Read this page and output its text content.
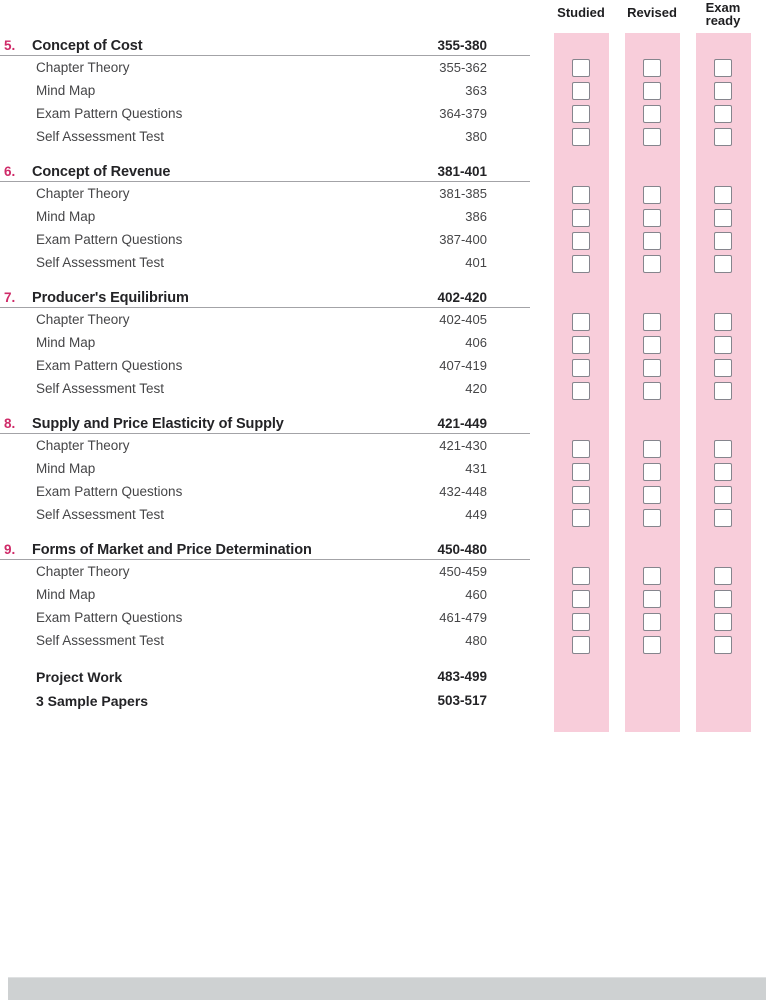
5.	Concept of Cost	355-380
Chapter Theory	355-362
Mind Map	363
Exam Pattern Questions	364-379
Self Assessment Test	380
6.	Concept of Revenue	381-401
Chapter Theory	381-385
Mind Map	386
Exam Pattern Questions	387-400
Self Assessment Test	401
7.	Producer's Equilibrium	402-420
Chapter Theory	402-405
Mind Map	406
Exam Pattern Questions	407-419
Self Assessment Test	420
8.	Supply and Price Elasticity of Supply	421-449
Chapter Theory	421-430
Mind Map	431
Exam Pattern Questions	432-448
Self Assessment Test	449
9.	Forms of Market and Price Determination	450-480
Chapter Theory	450-459
Mind Map	460
Exam Pattern Questions	461-479
Self Assessment Test	480
Project Work	483-499
3 Sample Papers	503-517
Studied	Revised	Exam ready
